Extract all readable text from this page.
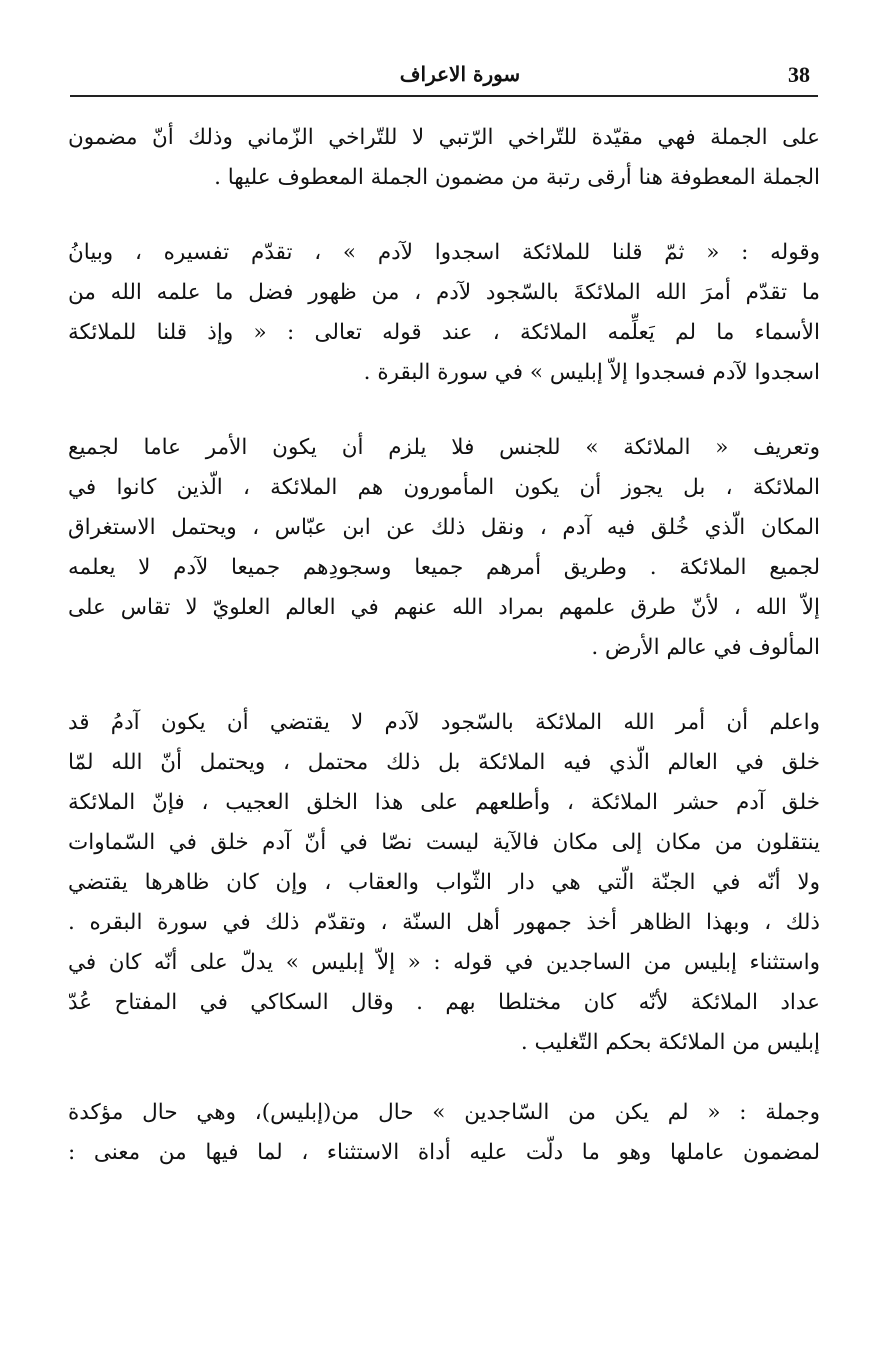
38
سورة الاعراف
على الجملة فهي مقيّدة للتّراخي الرّتبي لا للتّراخي الزّماني وذلك أنّ مضمون
الجملة المعطوفة هنا أرقى رتبة من مضمون الجملة المعطوف عليها .
وقوله : « ثمّ قلنا للملائكة اسجدوا لآدم » ، تقدّم تفسيره ، وبيانُ
ما تقدّم أمرَ الله الملائكةَ بالسّجود لآدم ، من ظهور فضل ما علمه الله من
الأسماء ما لم يَعلِّمه الملائكة ، عند قوله تعالى : « وإذ قلنا للملائكة
اسجدوا لآدم فسجدوا إلاّ إبليس » في سورة البقرة .
وتعريف « الملائكة » للجنس فلا يلزم أن يكون الأمر عاما لجميع
الملائكة ، بل يجوز أن يكون المأمورون هم الملائكة ، الّذين كانوا في
المكان الّذي خُلق فيه آدم ، ونقل ذلك عن ابن عبّاس ، ويحتمل الاستغراق
لجميع الملائكة . وطريق أمرهم جميعا وسجودِهم جميعا لآدم لا يعلمه
إلاّ الله ، لأنّ طرق علمهم بمراد الله عنهم في العالم العلويّ لا تقاس على
المألوف في عالم الأرض .
واعلم أن أمر الله الملائكة بالسّجود لآدم لا يقتضي أن يكون آدمُ قد
خلق في العالم الّذي فيه الملائكة بل ذلك محتمل ، ويحتمل أنّ الله لمّا
خلق آدم حشر الملائكة ، وأطلعهم على هذا الخلق العجيب ، فإنّ الملائكة
ينتقلون من مكان إلى مكان فالآية ليست نصّا في أنّ آدم خلق في السّماوات
ولا أنّه في الجنّة الّتي هي دار الثّواب والعقاب ، وإن كان ظاهرها يقتضي
ذلك ، وبهذا الظاهر أخذ جمهور أهل السنّة ، وتقدّم ذلك في سورة البقره .
واستثناء إبليس من الساجدين في قوله : « إلاّ إبليس » يدلّ على أنّه كان في
عداد الملائكة لأنّه كان مختلطا بهم . وقال السكاكي في المفتاح عُدّ
إبليس من الملائكة بحكم التّغليب .
وجملة : « لم يكن من السّاجدين » حال من(إبليس)، وهي حال مؤكدة
لمضمون عاملها وهو ما دلّت عليه أداة الاستثناء ، لما فيها من معنى :
